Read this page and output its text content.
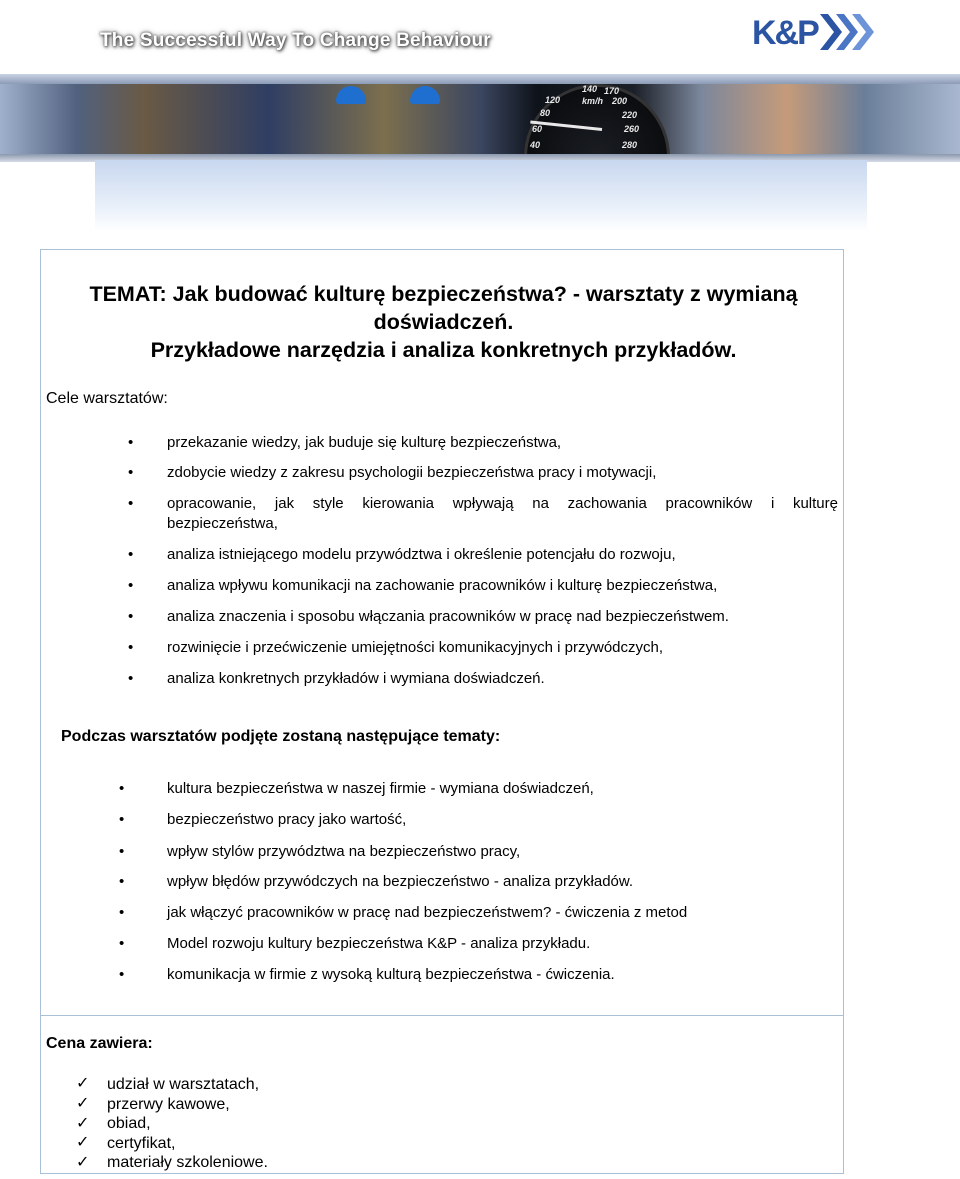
The Successful Way To Change Behaviour	K&P
120
140 170
200
km/h
80
60
40
220
260
280
TEMAT: Jak budować kulturę bezpieczeństwa? - warsztaty z wymianą
doświadczeń.
Przykładowe narzędzia i analiza konkretnych przykładów.
Cele warsztatów:
• przekazanie wiedzy, jak buduje się kulturę bezpieczeństwa,
• zdobycie wiedzy z zakresu psychologii bezpieczeństwa pracy i motywacji,
• opracowanie, jak style kierowania wpływają na zachowania pracowników i kulturę
bezpieczeństwa,
• analiza istniejącego modelu przywództwa i określenie potencjału do rozwoju,
• analiza wpływu komunikacji na zachowanie pracowników i kulturę bezpieczeństwa,
• analiza znaczenia i sposobu włączania pracowników w pracę nad bezpieczeństwem.
• rozwinięcie i przećwiczenie umiejętności komunikacyjnych i przywódczych,
• analiza konkretnych przykładów i wymiana doświadczeń.
Podczas warsztatów podjęte zostaną następujące tematy:
•	kultura bezpieczeństwa w naszej firmie - wymiana doświadczeń,
•	bezpieczeństwo pracy jako wartość,
•	wpływ stylów przywództwa na bezpieczeństwo pracy,
•	wpływ błędów przywódczych na bezpieczeństwo - analiza przykładów.
•	jak włączyć pracowników w pracę nad bezpieczeństwem? - ćwiczenia z metod
•	Model rozwoju kultury bezpieczeństwa K&P - analiza przykładu.
•	komunikacja w firmie z wysoką kulturą bezpieczeństwa - ćwiczenia.
Cena zawiera:
✓ udział w warsztatach,
✓ przerwy kawowe,
✓ obiad,
✓ certyfikat,
✓ materiały szkoleniowe.
